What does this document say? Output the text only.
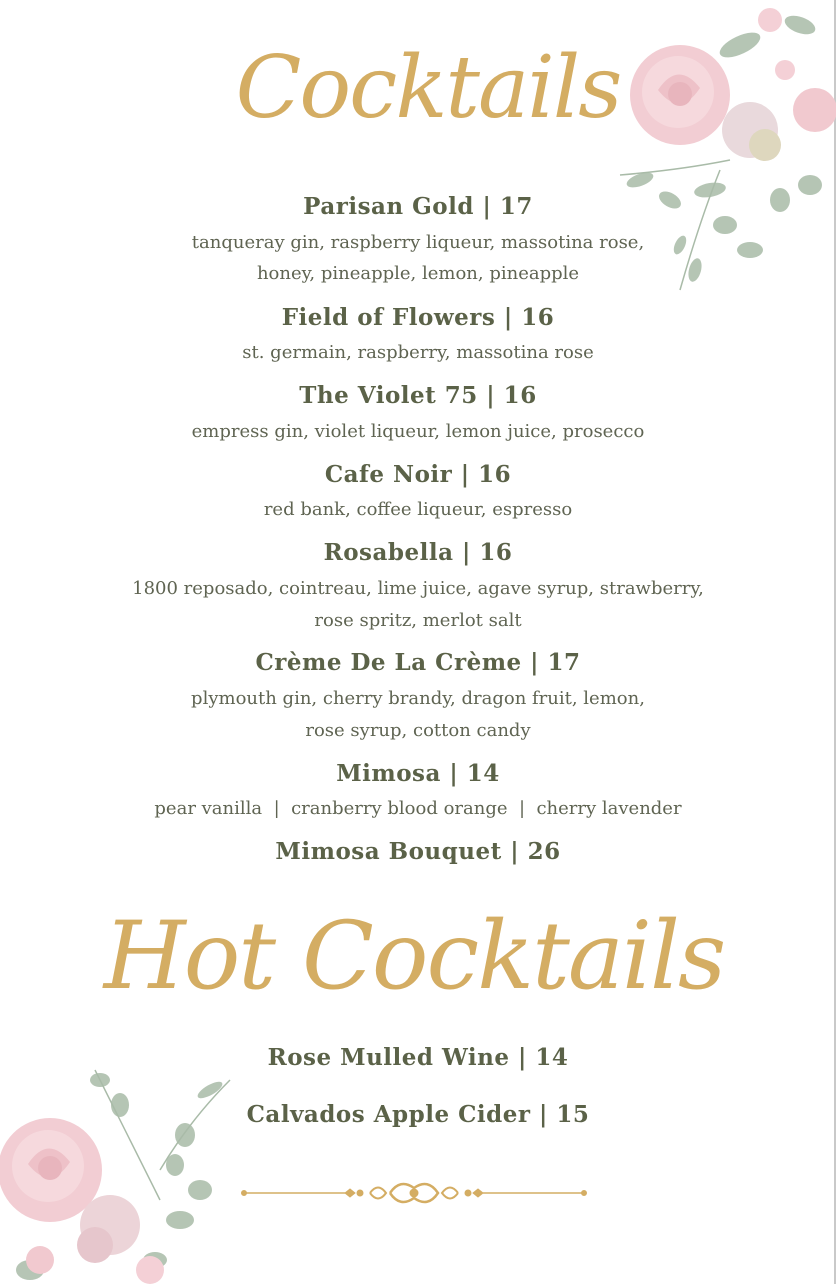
Cocktails
Parisan Gold | 17
tanqueray gin, raspberry liqueur, massotina rose,
honey, pineapple, lemon, pineapple
Field of Flowers | 16
st. germain, raspberry, massotina rose
The Violet 75 | 16
empress gin, violet liqueur, lemon juice, prosecco
Cafe Noir | 16
red bank, coffee liqueur, espresso
Rosabella | 16
1800 reposado, cointreau, lime juice, agave syrup, strawberry,
rose spritz, merlot salt
Crème De La Crème | 17
plymouth gin, cherry brandy, dragon fruit, lemon,
rose syrup, cotton candy
Mimosa | 14
pear vanilla  |  cranberry blood orange  |  cherry lavender
Mimosa Bouquet | 26
Hot Cocktails
Rose Mulled Wine | 14
Calvados Apple Cider | 15
